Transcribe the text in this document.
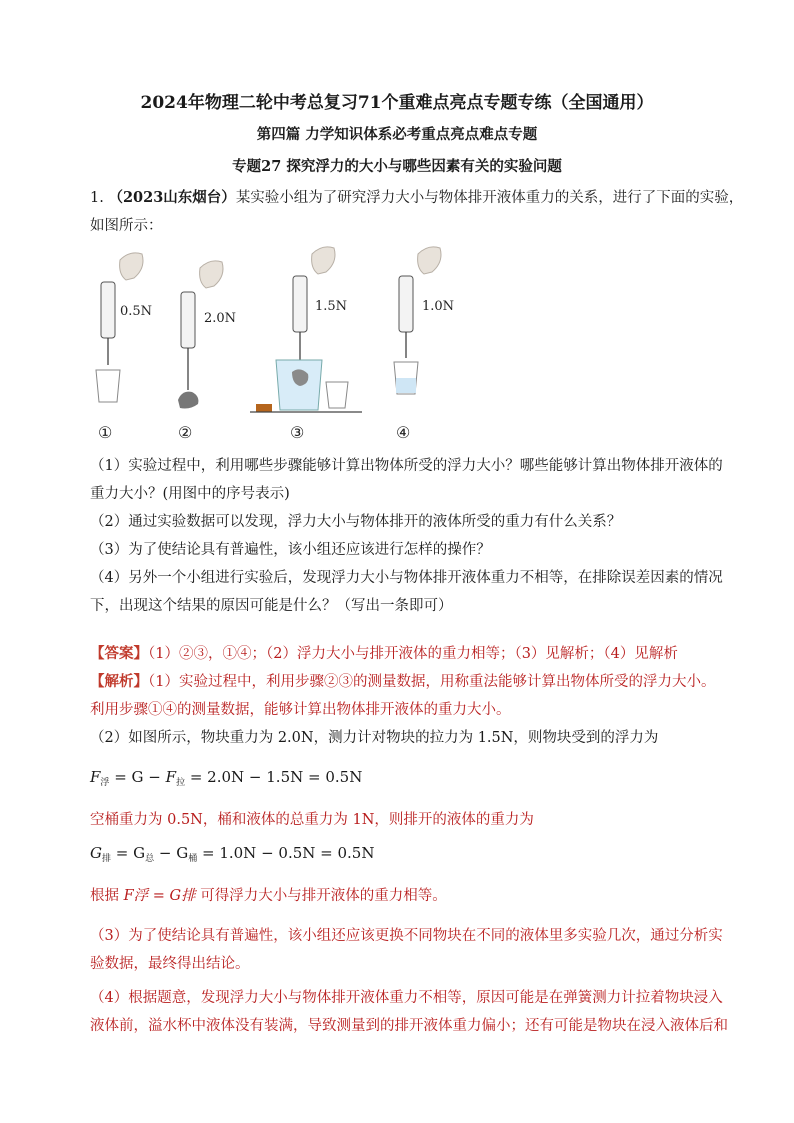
2024年物理二轮中考总复习71个重难点亮点专题专练（全国通用）
第四篇 力学知识体系必考重点亮点难点专题
专题27 探究浮力的大小与哪些因素有关的实验问题
1. （2023山东烟台）某实验小组为了研究浮力大小与物体排开液体重力的关系，进行了下面的实验，
如图所示：
0.5N	2.0N
1.5N	1.0N
①	②	③	④
（1）实验过程中，利用哪些步骤能够计算出物体所受的浮力大小？哪些能够计算出物体排开液体的
重力大小？(用图中的序号表示)
（2）通过实验数据可以发现，浮力大小与物体排开的液体所受的重力有什么关系？
（3）为了使结论具有普遍性，该小组还应该进行怎样的操作？
（4）另外一个小组进行实验后，发现浮力大小与物体排开液体重力不相等，在排除误差因素的情况
下，出现这个结果的原因可能是什么？（写出一条即可）
【答案】（1）②③，①④；（2）浮力大小与排开液体的重力相等；（3）见解析；（4）见解析
【解析】（1）实验过程中，利用步骤②③的测量数据，用称重法能够计算出物体所受的浮力大小。
利用步骤①④的测量数据，能够计算出物体排开液体的重力大小。
（2）如图所示，物块重力为 2.0N，测力计对物块的拉力为 1.5N，则物块受到的浮力为
$F_浮 = G - F_拉 = 2.0N - 1.5N = 0.5N$
空桶重力为 0.5N，桶和液体的总重力为 1N，则排开的液体的重力为
$G_排 = G_总 - G_桶 = 1.0N - 0.5N = 0.5N$
根据 F浮 = G排 可得浮力大小与排开液体的重力相等。
（3）为了使结论具有普遍性，该小组还应该更换不同物块在不同的液体里多实验几次，通过分析实
验数据，最终得出结论。
（4）根据题意，发现浮力大小与物体排开液体重力不相等，原因可能是在弹簧测力计拉着物块浸入
液体前，溢水杯中液体没有装满，导致测量到的排开液体重力偏小；还有可能是物块在浸入液体后和
